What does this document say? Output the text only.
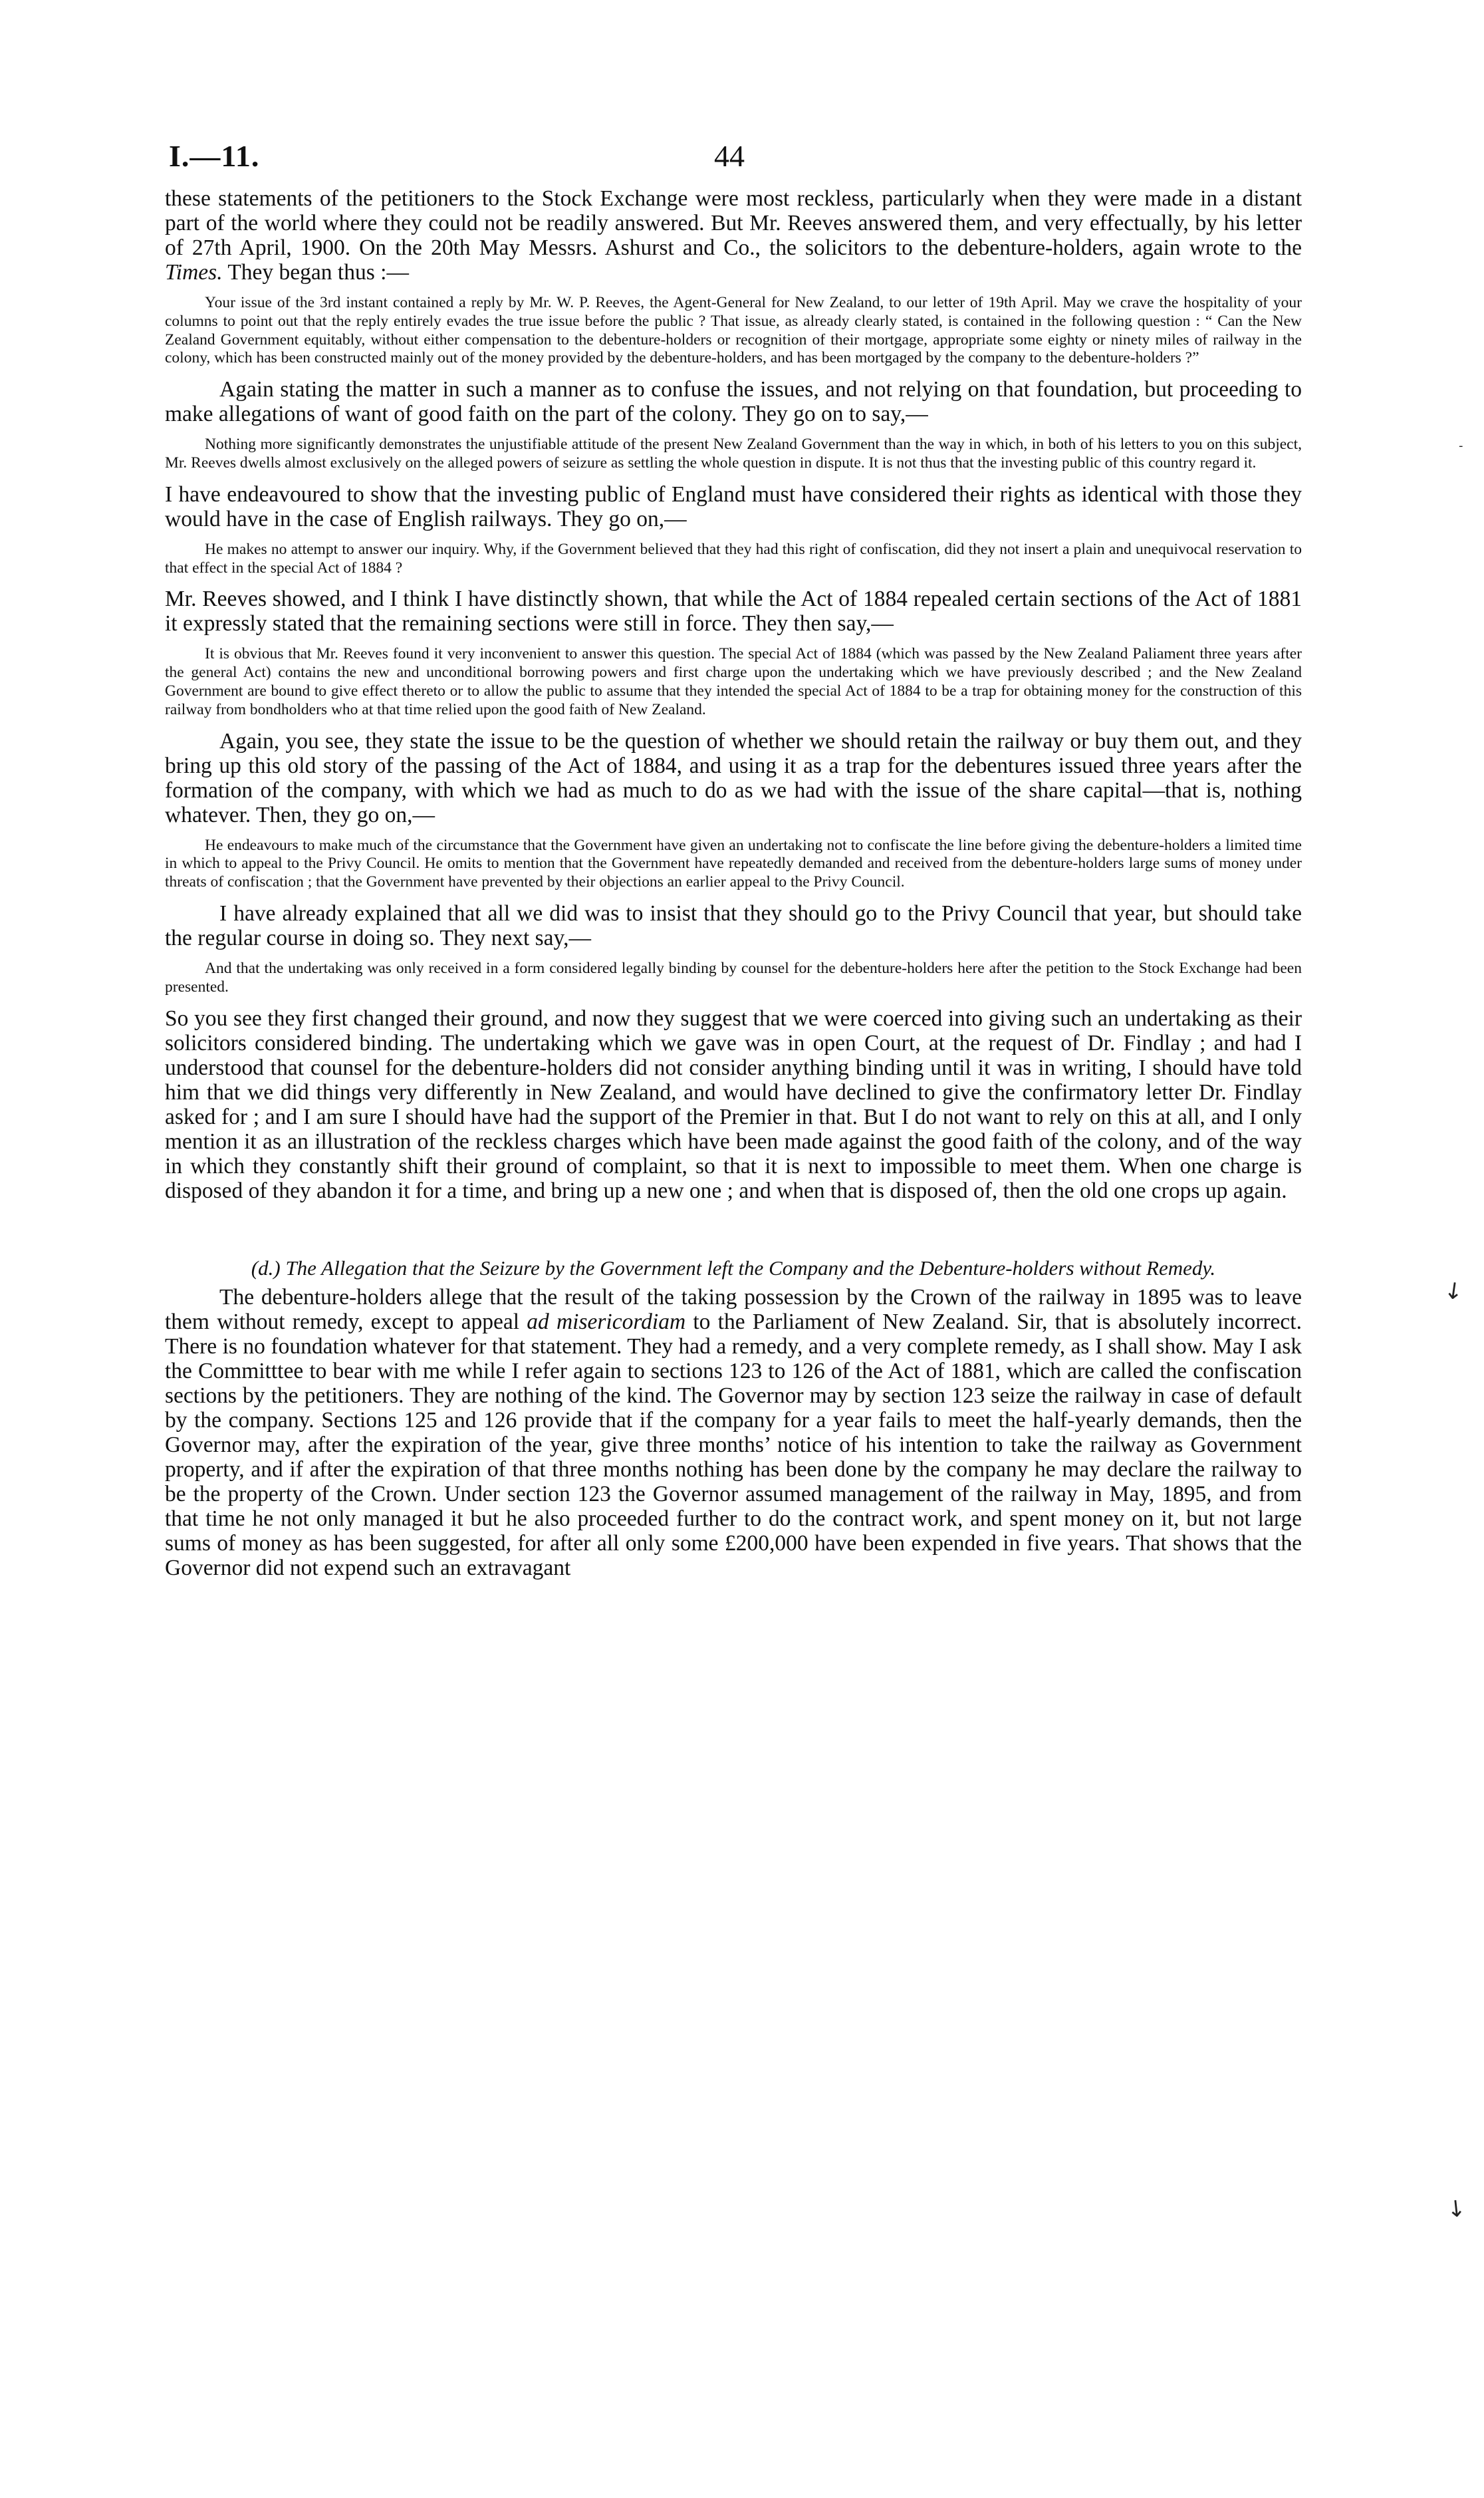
I.—11.	44

these statements of the petitioners to the Stock Exchange were most reckless, particularly when they were made in a distant part of the world where they could not be readily answered. But Mr. Reeves answered them, and very effectually, by his letter of 27th April, 1900. On the 20th May Messrs. Ashurst and Co., the solicitors to the debenture-holders, again wrote to the Times. They began thus :—

Your issue of the 3rd instant contained a reply by Mr. W. P. Reeves, the Agent-General for New Zealand, to our letter of 19th April. May we crave the hospitality of your columns to point out that the reply entirely evades the true issue before the public ? That issue, as already clearly stated, is contained in the following question : “ Can the New Zealand Government equitably, without either compensation to the debenture-holders or recognition of their mortgage, appropriate some eighty or ninety miles of railway in the colony, which has been constructed mainly out of the money provided by the debenture-holders, and has been mortgaged by the company to the debenture-holders ?”

Again stating the matter in such a manner as to confuse the issues, and not relying on that foundation, but proceeding to make allegations of want of good faith on the part of the colony. They go on to say,—

Nothing more significantly demonstrates the unjustifiable attitude of the present New Zealand Government than the way in which, in both of his letters to you on this subject, Mr. Reeves dwells almost exclusively on the alleged powers of seizure as settling the whole question in dispute. It is not thus that the investing public of this country regard it.

I have endeavoured to show that the investing public of England must have considered their rights as identical with those they would have in the case of English railways. They go on,—

He makes no attempt to answer our inquiry. Why, if the Government believed that they had this right of confiscation, did they not insert a plain and unequivocal reservation to that effect in the special Act of 1884 ?

Mr. Reeves showed, and I think I have distinctly shown, that while the Act of 1884 repealed certain sections of the Act of 1881 it expressly stated that the remaining sections were still in force. They then say,—

It is obvious that Mr. Reeves found it very inconvenient to answer this question. The special Act of 1884 (which was passed by the New Zealand Paliament three years after the general Act) contains the new and unconditional borrowing powers and first charge upon the undertaking which we have previously described ; and the New Zealand Government are bound to give effect thereto or to allow the public to assume that they intended the special Act of 1884 to be a trap for obtaining money for the construction of this railway from bondholders who at that time relied upon the good faith of New Zealand.

Again, you see, they state the issue to be the question of whether we should retain the railway or buy them out, and they bring up this old story of the passing of the Act of 1884, and using it as a trap for the debentures issued three years after the formation of the company, with which we had as much to do as we had with the issue of the share capital—that is, nothing whatever. Then, they go on,—

He endeavours to make much of the circumstance that the Government have given an undertaking not to confiscate the line before giving the debenture-holders a limited time in which to appeal to the Privy Council. He omits to mention that the Government have repeatedly demanded and received from the debenture-holders large sums of money under threats of confiscation ; that the Government have prevented by their objections an earlier appeal to the Privy Council.

I have already explained that all we did was to insist that they should go to the Privy Council that year, but should take the regular course in doing so. They next say,—

And that the undertaking was only received in a form considered legally binding by counsel for the debenture-holders here after the petition to the Stock Exchange had been presented.

So you see they first changed their ground, and now they suggest that we were coerced into giving such an undertaking as their solicitors considered binding. The undertaking which we gave was in open Court, at the request of Dr. Findlay ; and had I understood that counsel for the debenture-holders did not consider anything binding until it was in writing, I should have told him that we did things very differently in New Zealand, and would have declined to give the confirmatory letter Dr. Findlay asked for ; and I am sure I should have had the support of the Premier in that. But I do not want to rely on this at all, and I only mention it as an illustration of the reckless charges which have been made against the good faith of the colony, and of the way in which they constantly shift their ground of complaint, so that it is next to impossible to meet them. When one charge is disposed of they abandon it for a time, and bring up a new one ; and when that is disposed of, then the old one crops up again.

(d.) The Allegation that the Seizure by the Government left the Company and the Debenture-holders without Remedy.

The debenture-holders allege that the result of the taking possession by the Crown of the railway in 1895 was to leave them without remedy, except to appeal ad misericordiam to the Parliament of New Zealand. Sir, that is absolutely incorrect. There is no foundation whatever for that statement. They had a remedy, and a very complete remedy, as I shall show. May I ask the Committtee to bear with me while I refer again to sections 123 to 126 of the Act of 1881, which are called the confiscation sections by the petitioners. They are nothing of the kind. The Governor may by section 123 seize the railway in case of default by the company. Sections 125 and 126 provide that if the company for a year fails to meet the half-yearly demands, then the Governor may, after the expiration of the year, give three months’ notice of his intention to take the railway as Government property, and if after the expiration of that three months nothing has been done by the company he may declare the railway to be the property of the Crown. Under section 123 the Governor assumed management of the railway in May, 1895, and from that time he not only managed it but he also proceeded further to do the contract work, and spent money on it, but not large sums of money as has been suggested, for after all only some £200,000 have been expended in five years. That shows that the Governor did not expend such an extravagant

↓
↓
-
